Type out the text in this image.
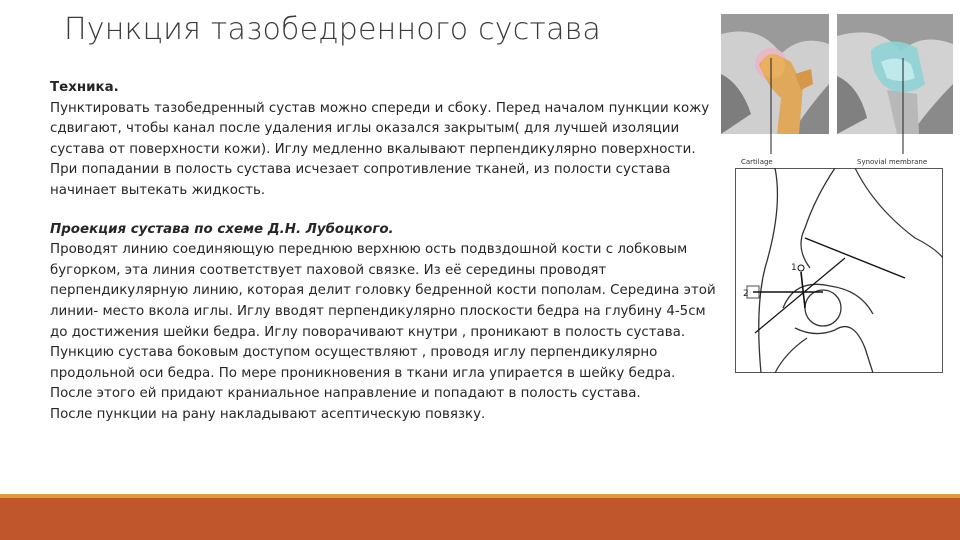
Пункция тазобедренного сустава

Техника.

Пунктировать тазобедренный сустав можно спереди и сбоку. Перед началом пункции кожу сдвигают, чтобы канал после удаления иглы оказался закрытым( для лучшей изоляции сустава от поверхности кожи). Иглу медленно вкалывают перпендикулярно поверхности. При попадании в полость сустава исчезает сопротивление тканей, из полости сустава начинает вытекать жидкость.

Проекция сустава по схеме Д.Н. Лубоцкого.

Проводят линию соединяющую переднюю верхнюю ость подвздошной кости с лобковым бугорком, эта линия соответствует паховой связке. Из её середины проводят перпендикулярную линию, которая делит головку бедренной кости пополам. Середина этой линии- место вкола иглы. Иглу вводят перпендикулярно плоскости бедра на глубину 4-5см до достижения шейки бедра. Иглу поворачивают кнутри , проникают в полость сустава.

Пункцию сустава боковым доступом осуществляют , проводя иглу перпендикулярно продольной оси бедра. По мере проникновения в ткани игла упирается в шейку бедра. После этого ей придают краниальное направление и попадают в полость сустава.

После пункции на рану накладывают асептическую повязку.

Cartilage	Synovial membrane
1
2
